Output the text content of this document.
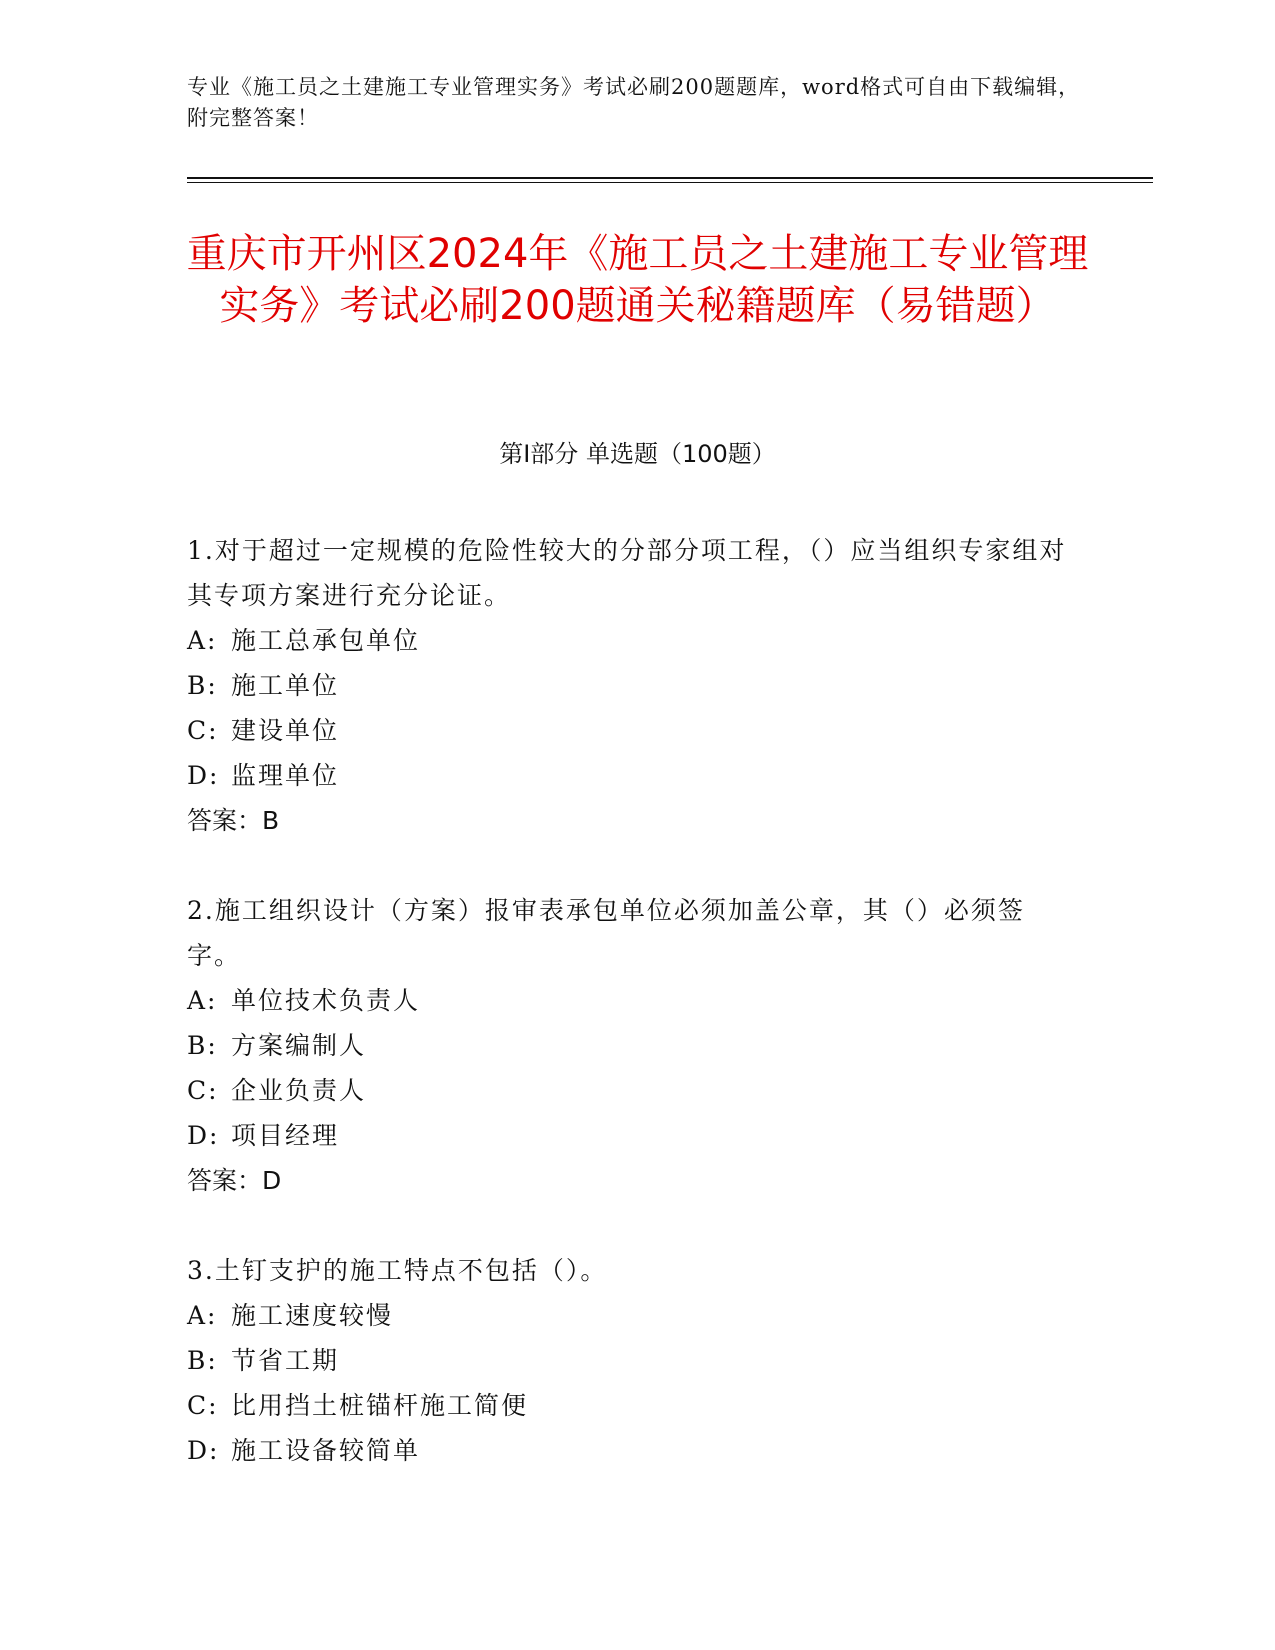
专业《施工员之土建施工专业管理实务》考试必刷200题题库，word格式可自由下载编辑，附完整答案！
重庆市开州区2024年《施工员之土建施工专业管理实务》考试必刷200题通关秘籍题库（易错题）
第Ⅰ部分 单选题（100题）

1.对于超过一定规模的危险性较大的分部分项工程，（）应当组织专家组对其专项方案进行充分论证。

A: 施工总承包单位

B: 施工单位

C: 建设单位

D: 监理单位

答案：B

2.施工组织设计（方案）报审表承包单位必须加盖公章，其（）必须签字。

A: 单位技术负责人

B: 方案编制人

C: 企业负责人

D: 项目经理

答案：D

3.土钉支护的施工特点不包括（）。

A: 施工速度较慢

B: 节省工期

C: 比用挡土桩锚杆施工简便

D: 施工设备较简单
